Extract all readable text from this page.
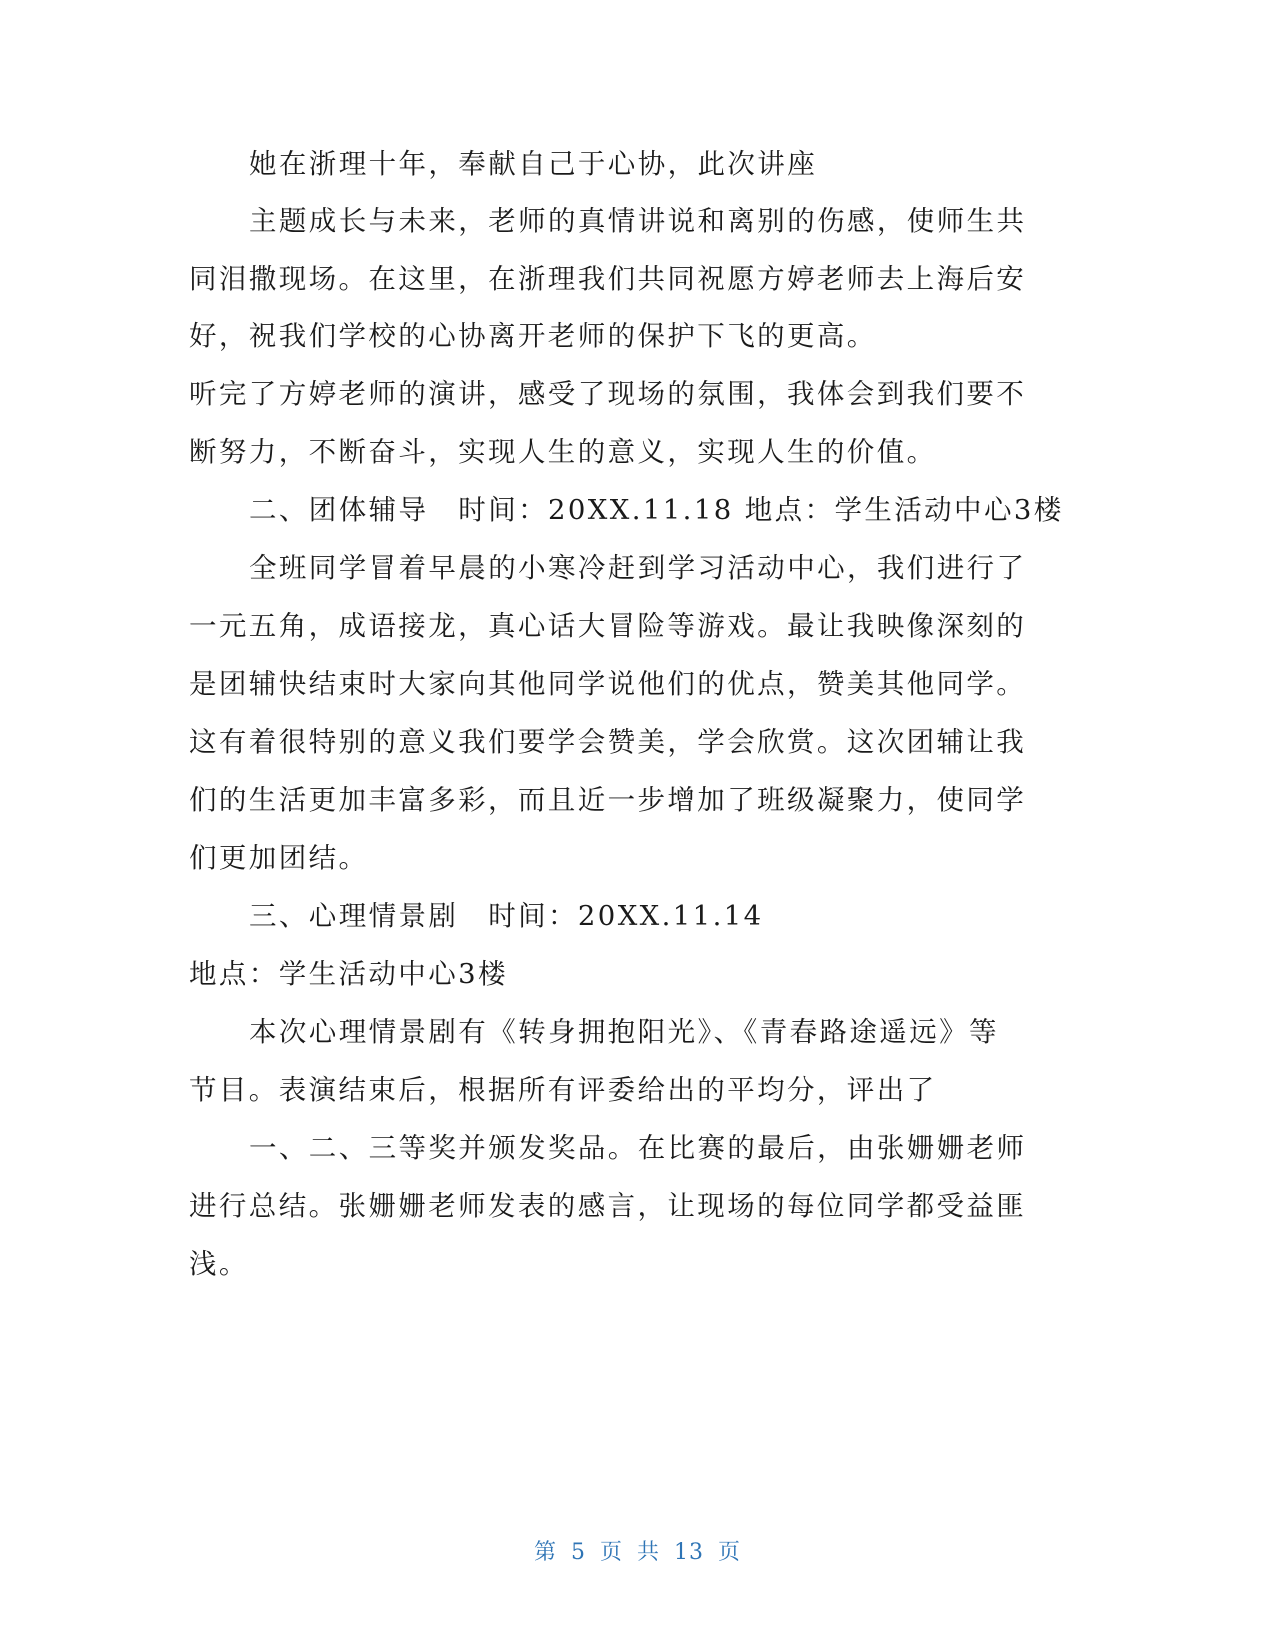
她在浙理十年，奉献自己于心协，此次讲座
主题成长与未来，老师的真情讲说和离别的伤感，使师生共
同泪撒现场。在这里，在浙理我们共同祝愿方婷老师去上海后安
好，祝我们学校的心协离开老师的保护下飞的更高。
听完了方婷老师的演讲，感受了现场的氛围，我体会到我们要不
断努力，不断奋斗，实现人生的意义，实现人生的价值。
二、团体辅导　时间：20XX.11.18 地点：学生活动中心3楼
全班同学冒着早晨的小寒冷赶到学习活动中心，我们进行了
一元五角，成语接龙，真心话大冒险等游戏。最让我映像深刻的
是团辅快结束时大家向其他同学说他们的优点，赞美其他同学。
这有着很特别的意义我们要学会赞美，学会欣赏。这次团辅让我
们的生活更加丰富多彩，而且近一步增加了班级凝聚力，使同学
们更加团结。
三、心理情景剧　时间：20XX.11.14
地点：学生活动中心3楼
本次心理情景剧有《转身拥抱阳光》、《青春路途遥远》等
节目。表演结束后，根据所有评委给出的平均分，评出了
一、二、三等奖并颁发奖品。在比赛的最后，由张姗姗老师
进行总结。张姗姗老师发表的感言，让现场的每位同学都受益匪
浅。
第 5 页 共 13 页
